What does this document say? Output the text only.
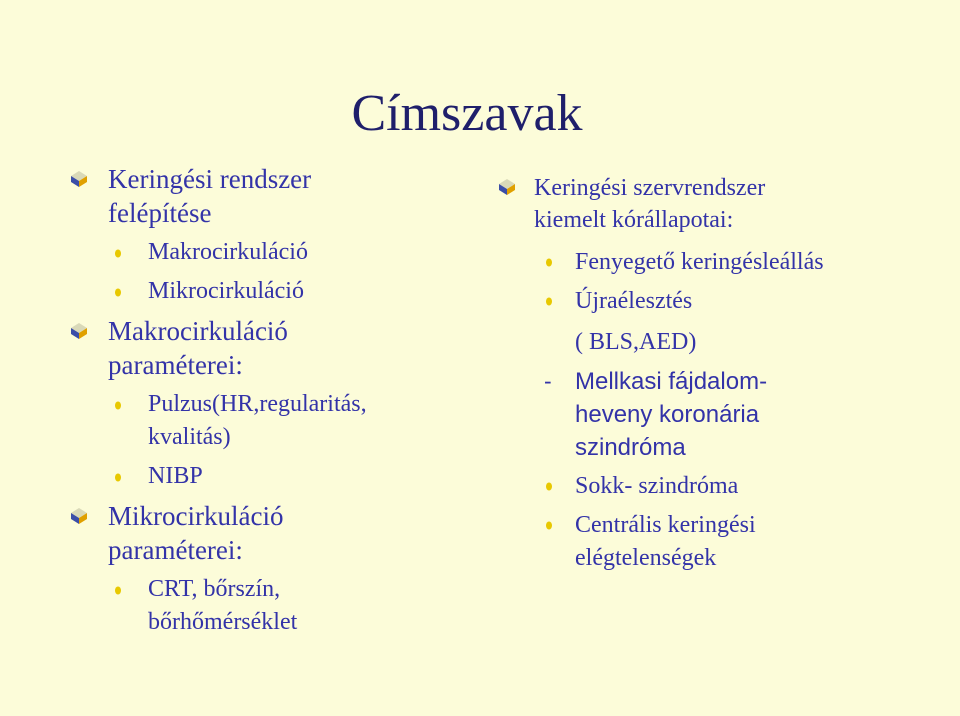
Címszavak
Keringési rendszer
felépítése
Makrocirkuláció
Mikrocirkuláció
Makrocirkuláció
paraméterei:
Pulzus(HR,regularitás,
kvalitás)
NIBP
Mikrocirkuláció
paraméterei:
CRT, bőrszín,
bőrhőmérséklet
Keringési szervrendszer
kiemelt kórállapotai:
Fenyegető keringésleállás
Újraélesztés
( BLS,AED)
- Mellkasi fájdalom-
heveny koronária
szindróma
Sokk- szindróma
Centrális keringési
elégtelenségek
